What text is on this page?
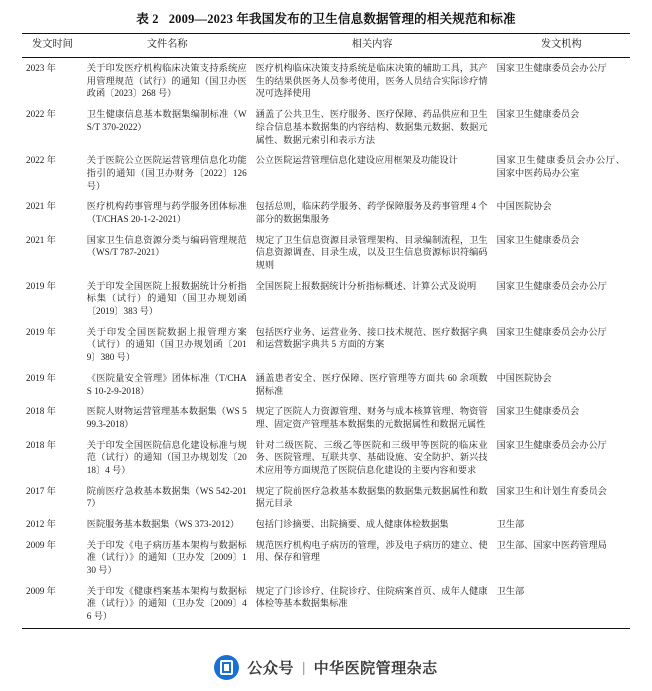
表 2 2009—2023 年我国发布的卫生信息数据管理的相关规范和标准
发文时间	文件名称	相关内容	发文机构
2023 年	关于印发医疗机构临床决策支持系统应用管理规范（试行）的通知（国卫办医政函〔2023〕268 号）	医疗机构临床决策支持系统是临床决策的辅助工具，其产生的结果供医务人员参考使用，医务人员结合实际诊疗情况可选择使用	国家卫生健康委员会办公厅

2022 年	卫生健康信息基本数据集编制标准（WS/T 370-2022）	涵盖了公共卫生、医疗服务、医疗保障、药品供应和卫生综合信息基本数据集的内容结构、数据集元数据、数据元属性、数据元索引和表示方法	国家卫生健康委员会

2022 年	关于医院公立医院运营管理信息化功能指引的通知（国卫办财务〔2022〕126 号）	公立医院运营管理信息化建设应用框架及功能设计	国家卫生健康委员会办公厅、国家中医药局办公室

2021 年	医疗机构药事管理与药学服务团体标准（T/CHAS 20-1-2-2021）	包括总则，临床药学服务、药学保障服务及药事管理 4 个部分的数据集服务	中国医院协会

2021 年	国家卫生信息资源分类与编码管理规范（WS/T 787-2021）	规定了卫生信息资源目录管理架构、目录编制流程，卫生信息资源调查、目录生成，以及卫生信息资源标识符编码规则	国家卫生健康委员会

2019 年	关于印发全国医院上报数据统计分析指标集（试行）的通知（国卫办规划函〔2019〕383 号）	全国医院上报数据统计分析指标概述、计算公式及说明	国家卫生健康委员会办公厅

2019 年	关于印发全国医院数据上报管理方案（试行）的通知（国卫办规划函〔2019〕380 号）	包括医疗业务、运营业务、接口技术规范、医疗数据字典和运营数据字典共 5 方面的方案	国家卫生健康委员会办公厅

2019 年	《医院量安全管理》团体标准（T/CHAS 10-2-9-2018）	涵盖患者安全、医疗保障、医疗管理等方面共 60 余项数据标准	中国医院协会

2018 年	医院人财物运营管理基本数据集（WS 599.3-2018）	规定了医院人力资源管理、财务与成本核算管理、物资管理、固定资产管理基本数据集的元数据属性和数据元属性	国家卫生健康委员会

2018 年	关于印发全国医院信息化建设标准与规范（试行）的通知（国卫办规划发〔2018〕4 号）	针对二级医院、三级乙等医院和三级甲等医院的临床业务、医院管理、互联共享、基础设施、安全防护、新兴技术应用等方面规范了医院信息化建设的主要内容和要求	国家卫生健康委员会办公厅

2017 年	院前医疗急救基本数据集（WS 542-2017）	规定了院前医疗急救基本数据集的数据集元数据属性和数据元目录	国家卫生和计划生育委员会

2012 年	医院服务基本数据集（WS 373-2012）	包括门诊摘要、出院摘要、成人健康体检数据集	卫生部

2009 年	关于印发《电子病历基本架构与数据标准（试行）》的通知（卫办发〔2009〕130 号）	规范医疗机构电子病历的管理，涉及电子病历的建立、使用、保存和管理	卫生部、国家中医药管理局

2009 年	关于印发《健康档案基本架构与数据标准（试行）》的通知（卫办发〔2009〕46 号）	规定了门诊诊疗、住院诊疗、住院病案首页、成年人健康体检等基本数据集标准	卫生部
公众号 | 中华医院管理杂志
